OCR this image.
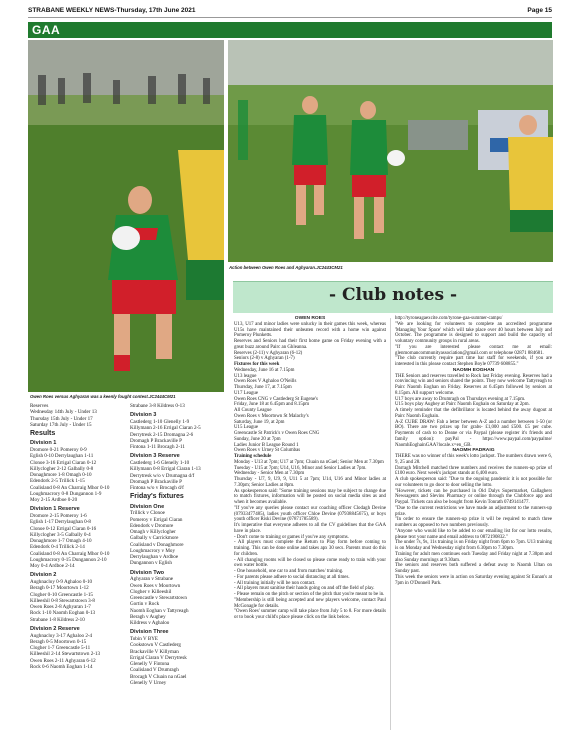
STRABANE WEEKLY NEWS-Thursday, 17th June 2021	Page 15
GAA
Owen Roes versus Aghyaran was a keenly fought contest.JC2444CM21
Action between Owen Roes and Aghyaran.JC2443CM21
- Club notes -

Reserves

Wednesday 14th July - Under 13

Thursday 15th July - Under 17

Saturday 17th July - Under 15

Results
Division 1

Dromore 0-21 Pomeroy 0-9

Eglish 0-10 Derrylaughan 1-11

Clonoe 3-16 Errigal Ciaran 0-12

Killyclogher 2-12 Galbally 0-8

Donaghmore 1-8 Omagh 0-10

Edendork 2-5 Trillick 1-15

Coalisland 0-8 An Charraig Mhor 0-10

Loughmacrory 0-8 Dungannon 1-9

Moy 2-15 Ardboe 0-20

Division 1 Reserve

Dromore 2-15 Pomeroy 1-6

Eglish 1-17 Derrylaughan 0-8

Clonoe 0-12 Errigal Ciaran 0-16

Killyclogher 3-5 Galbally 0-4

Donaghmore 1-7 Omagh 4-10

Edendork 0-4 Trillick 2-14

Coalisland 0-8 An Charraig Mhor 0-10

Loughmacrory 0-15 Dungannon 2-10

Moy 0-4 Ardboe 2-14

Division 2

Aughnacloy 0-9 Aghaloo 0-10

Beragh 0-17 Moortown 1-12

Clogher 0-10 Greencastle 1-15

Killeeshil 0-8 Stewartstown 3-8

Owen Roes 2-8 Aghyaran 1-7

Rock 1-10 Naomh Eoghan 0-13

Strabane 1-8 Kildress 2-10

Division 2 Reserve

Aughnacloy 3-17 Aghaloo 2-4

Beragh 0-5 Moortown 0-15

Clogher 1-7 Greencastle 5-11

Killeeshil 2-14 Stewartstown 2-13

Owen Roes 2-11 Aghyaran 6-12

Rock 0-6 Naomh Eoghan 1-14

Strabane 3-8 Kildress 0-13

Division 3

Castlederg 1-10 Glenelly 1-9

Killymann 2-16 Errigal Ciaran 2-5

Derrytresk 2-15 Dromagna 2-6

Dromagh P Brackaville P

Fintona 1-11 Brocagh 2-11

Division 3 Reserve

Castlederg 1-6 Glenelly 1-10

Killymann 0-8 Errigal Ciaran 1-13

Derrytresk w/o v Drumagna d/f

Dromagh P Brackaville P

Fintona w/o v Brocagh d/f

Friday's fixtures
Division One

Trillick v Clonoe

Pomeroy v Errigal Ciaran

Edendork v Dromore

Omagh v Killyclogher

Galbally v Carrickmore

Coalisland v Donaghmore

Loughmacrory v Moy

Derrylaughan v Ardboe

Dungannon v Eglish

Division Two

Aghyaran v Strabane

Owen Roes v Moortown

Clogher v Killeeshil

Greencastle v Stewartstown

Gortin v Rock

Naomh Eoghan v Tattyreagh

Beragh v Aughey

Kildress v Aghaloo

Division Three

Tobin V BYE

Cookstown V Castlederg

Brackaville V Killyman

Errigal Ciaran V Derrytresk

Glenelly V Fintona

Coalisland V Drumragh

Brocagh V Cluain na nGael

Glenelly V Urney

OWEN ROES

U13, U17 and minor ladies were unlucky in their games this week, whereas U15s have maintained their unbeaten record with a home win against Pomeroy Plunketts.

Reserves and Seniors had their first home game on Friday evening with a great buzz around Pairc an Ghleanna.

Reserves (2-11) v Aghyaran (6-12)

Seniors (2-8) v Aghyaran (1-7)

Fixtures for this week

Wednesday, June 16 at 7.15pm

U13 league

Owen Roes V Aghaloo O'Neills

Thursday, June 17, at 7.15pm

U17 League

Owen Roes CNG v Castlederg St Eugene's

Friday, June 18 at 6.45pm and 8.15pm

All County League

Owen Roes v Moortown St Malachy's

Saturday, June 19, at 2pm

U15 League

Greencastle St Patrick's v Owen Roes CNG

Sunday, June 20 at 7pm

Ladies Junior B League Round 1

Owen Roes v Urney St Columbas

Training schedule

Monday - U13 at 7pm; U17 at 7pm; Cluain na nGael; Senior Men at 7.30pm

Tuesday - U15 at 7pm; U14, U16, Minor and Senior Ladies at 7pm.

Wednesday - Senior Men at 7.30pm

Thursday - U7, 9, U9, 9, U11 5 at 7pm; U14, U16 and Minor ladies at 7.30pm; Senior Ladies at 8pm.

As spokesperson said: "Some training sessions may be subject to change due to match fixtures, information will be posted on social media sites as and when it becomes available.

"If you've any queries please contact our coaching officer Clodagh Devine (07933477485), ladies youth officer Chloe Devine (07938845675), or boys youth officer Riski Devine (07871785589).

It's imperative that everyone adheres to all the CV guidelines that the GAA have in place.

- Don't come to training or games if you've any symptoms.

- All players must complete the Return to Play form before coming to training. This can be done online and takes apx 30 secs. Parents must do this for children.

- All changing rooms will be closed so please come ready to train with your own water bottle.

- One household, one car to and from matches/ training.

- For parents please adhere to social distancing at all times.

- All training initially will be non contact.

- All players must sanitise their hands going on and off the field of play.

- Please remain on the pitch or section of the pitch that you're meant to be in.

"Membership is still being accepted and new players welcome, contact Paul McGonagle for details.

"Owen Roes' summer camp will take place from July 5 to 8. For more details or to book your child's place please click on the link below.

http://tyroneagaexcite.com/tyrone-gaa-summer-camps/

"We are looking for volunteers to complete an accredited programme 'Managing Your Space' which will take place over 40 hours between July and October. The programme is designed to support and build the capacity of voluntary community groups in rural areas.

"If you are interested please contact me at email: glenmornancommunityassociation@gmail.com or telephone 02871 884681.

"The club currently require part time bar staff for weekends, if you are interested in this please contact Stephen Boyle 07739 608855."

NAOMH EOGHAN

THE Seniors and reserves travelled to Rock last Friday evening. Reserves had a convincing win and seniors shared the points. They now welcome Tattyreagh to Pairc Naomh Eoghan on Friday. Reserves at 6.45pm followed by seniors at 8.15pm. All support welcome.

U17 boys are away to Drumragh on Thursdays evening at 7.15pm.

U15 boys play Aughey at Pairc Naomh Eoghain on Saturday at 2pm.

A timely reminder that the defibrillator is located behind the away dugout at Pairc Naomh Eoghain.

A-Z CUBE DRAW: Fab a letter between A-Z and a number between 1-50 (or BO). There are two prizes up for grabs- £1,000 and £500. £5 per cube. Payments of cash to to Deane or via Paypal (please register it's friends and family option): payPal - https://www.paypal.com/paypalme/ NaomhEoghainGAA?locale.x=en_GB.

NAOMH PADRAIG

THERE was no winner of this week's lotto jackpot. The numbers drawn were 6, 9, 25 and 28.

Darragh Mitchell matched three numbers and receives the runners-up prize of £100 euro. Next week's jackpot stands at 6,400 euro.

A club spokesperson said: "Due to the ongoing pandemic it is not possible for our volunteers to go door to door selling the lotto.

"However, tickets can be purchased in Old Dalys Supermarket, Gallaghers Newsagents and Slevins Pharmacy or online through the Clubforce app and Paypal. Tickets can also be bought from Kevin Tonrath 0749141477.

"Due to the current restrictions we have made an adjustment to the runners-up prize.

"In order to ensure the runners-up prize it will be required to match three numbers as opposed to two numbers previously.

"Anyone who would like to be added to our emailing list for our lotto results, please text your name and email address to 0872190832."

The under 7s, 9s, 11s training is on Friday night from 6pm to 7pm. U13 training is on Monday and Wednesday night from 6.30pm to 7.30pm.

Training for adult men continues each Tuesday and Friday night at 7.30pm and also Sunday mornings at 9.30am.

The seniors and reserves both suffered a defeat away to Naomh Ultan on Sunday past.

This week the seniors were in action on Saturday evening against St Eunan's at 7pm in O'Donnell Park.
